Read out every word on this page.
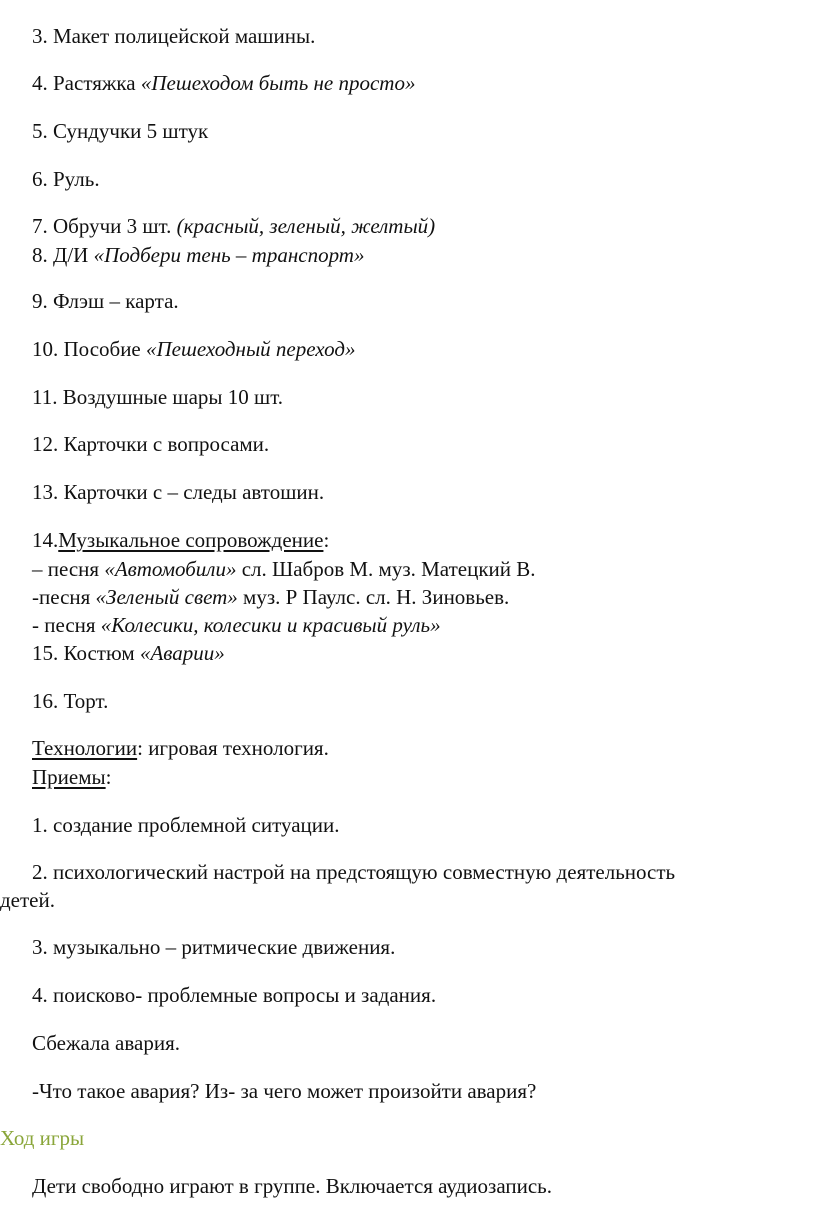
3. Макет полицейской машины.
4. Растяжка «Пешеходом быть не просто»
5. Сундучки 5 штук
6. Руль.
7. Обручи 3 шт. (красный, зеленый, желтый)
8. Д/И «Подбери тень – транспорт»
9. Флэш – карта.
10. Пособие «Пешеходный переход»
11. Воздушные шары 10 шт.
12. Карточки с вопросами.
13. Карточки с – следы автошин.
14.Музыкальное сопровождение:
– песня «Автомобили» сл. Шабров М. муз. Матецкий В.
-песня «Зеленый свет» муз. Р Паулс. сл. Н. Зиновьев.
- песня «Колесики, колесики и красивый руль»
15. Костюм «Аварии»
16. Торт.
Технологии: игровая технология.
Приемы:
1. создание проблемной ситуации.
2. психологический настрой на предстоящую совместную деятельность
детей.
3. музыкально – ритмические движения.
4. поисково- проблемные вопросы и задания.
Сбежала авария.
-Что такое авария? Из- за чего может произойти авария?
Ход игры
Дети свободно играют в группе. Включается аудиозапись.
